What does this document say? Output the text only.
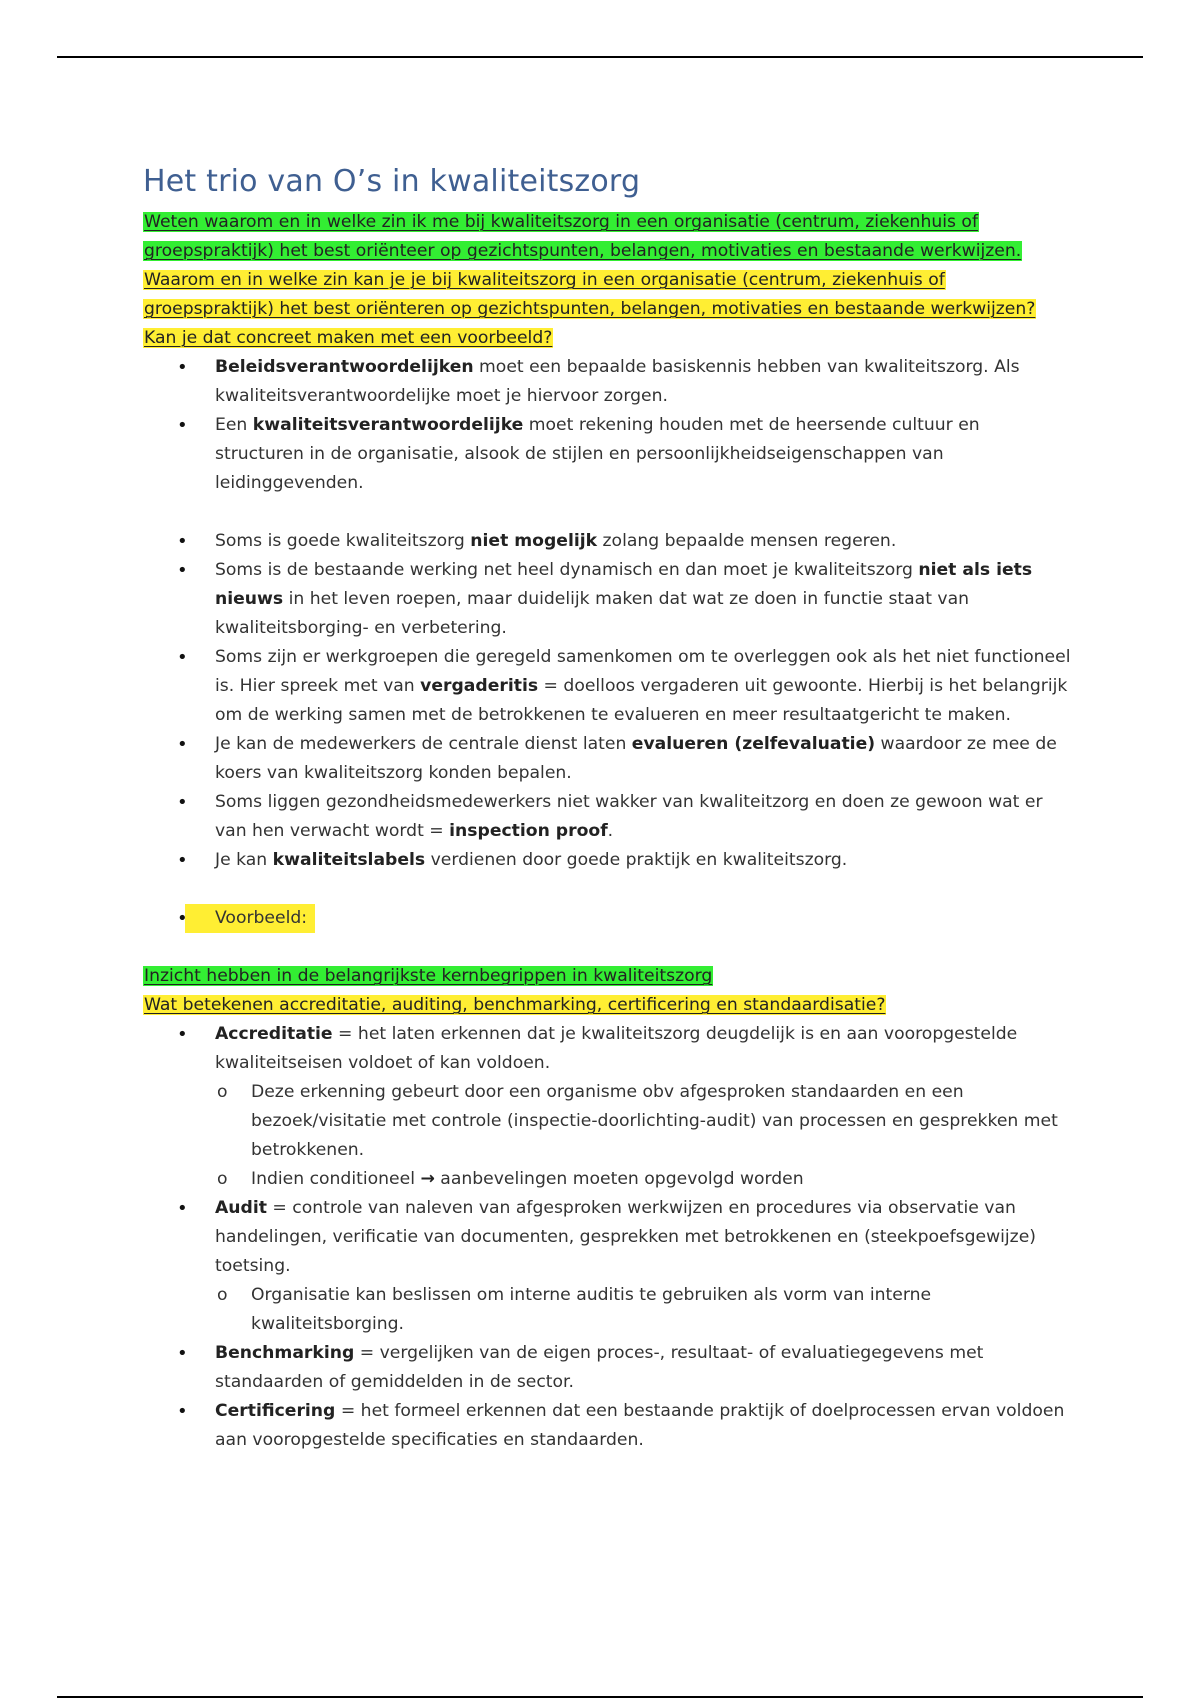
Het trio van O’s in kwaliteitszorg
Weten waarom en in welke zin ik me bij kwaliteitszorg in een organisatie (centrum, ziekenhuis of groepspraktijk) het best oriënteer op gezichtspunten, belangen, motivaties en bestaande werkwijzen.
Waarom en in welke zin kan je je bij kwaliteitszorg in een organisatie (centrum, ziekenhuis of groepspraktijk) het best oriënteren op gezichtspunten, belangen, motivaties en bestaande werkwijzen? Kan je dat concreet maken met een voorbeeld?
• Beleidsverantwoordelijken moet een bepaalde basiskennis hebben van kwaliteitszorg. Als kwaliteitsverantwoordelijke moet je hiervoor zorgen.
• Een kwaliteitsverantwoordelijke moet rekening houden met de heersende cultuur en structuren in de organisatie, alsook de stijlen en persoonlijkheidseigenschappen van leidinggevenden.
• Soms is goede kwaliteitszorg niet mogelijk zolang bepaalde mensen regeren.
• Soms is de bestaande werking net heel dynamisch en dan moet je kwaliteitszorg niet als iets nieuws in het leven roepen, maar duidelijk maken dat wat ze doen in functie staat van kwaliteitsborging- en verbetering.
• Soms zijn er werkgroepen die geregeld samenkomen om te overleggen ook als het niet functioneel is. Hier spreek met van vergaderitis = doelloos vergaderen uit gewoonte. Hierbij is het belangrijk om de werking samen met de betrokkenen te evalueren en meer resultaatgericht te maken.
• Je kan de medewerkers de centrale dienst laten evalueren (zelfevaluatie) waardoor ze mee de koers van kwaliteitszorg konden bepalen.
• Soms liggen gezondheidsmedewerkers niet wakker van kwaliteitzorg en doen ze gewoon wat er van hen verwacht wordt = inspection proof.
• Je kan kwaliteitslabels verdienen door goede praktijk en kwaliteitszorg.
• Voorbeeld:
Inzicht hebben in de belangrijkste kernbegrippen in kwaliteitszorg
Wat betekenen accreditatie, auditing, benchmarking, certificering en standaardisatie?
• Accreditatie = het laten erkennen dat je kwaliteitszorg deugdelijk is en aan vooropgestelde kwaliteitseisen voldoet of kan voldoen.
o Deze erkenning gebeurt door een organisme obv afgesproken standaarden en een bezoek/visitatie met controle (inspectie-doorlichting-audit) van processen en gesprekken met betrokkenen.
o Indien conditioneel → aanbevelingen moeten opgevolgd worden
• Audit = controle van naleven van afgesproken werkwijzen en procedures via observatie van handelingen, verificatie van documenten, gesprekken met betrokkenen en (steekpoefsgewijze) toetsing.
o Organisatie kan beslissen om interne auditis te gebruiken als vorm van interne kwaliteitsborging.
• Benchmarking = vergelijken van de eigen proces-, resultaat- of evaluatiegegevens met standaarden of gemiddelden in de sector.
• Certificering = het formeel erkennen dat een bestaande praktijk of doelprocessen ervan voldoen aan vooropgestelde specificaties en standaarden.
